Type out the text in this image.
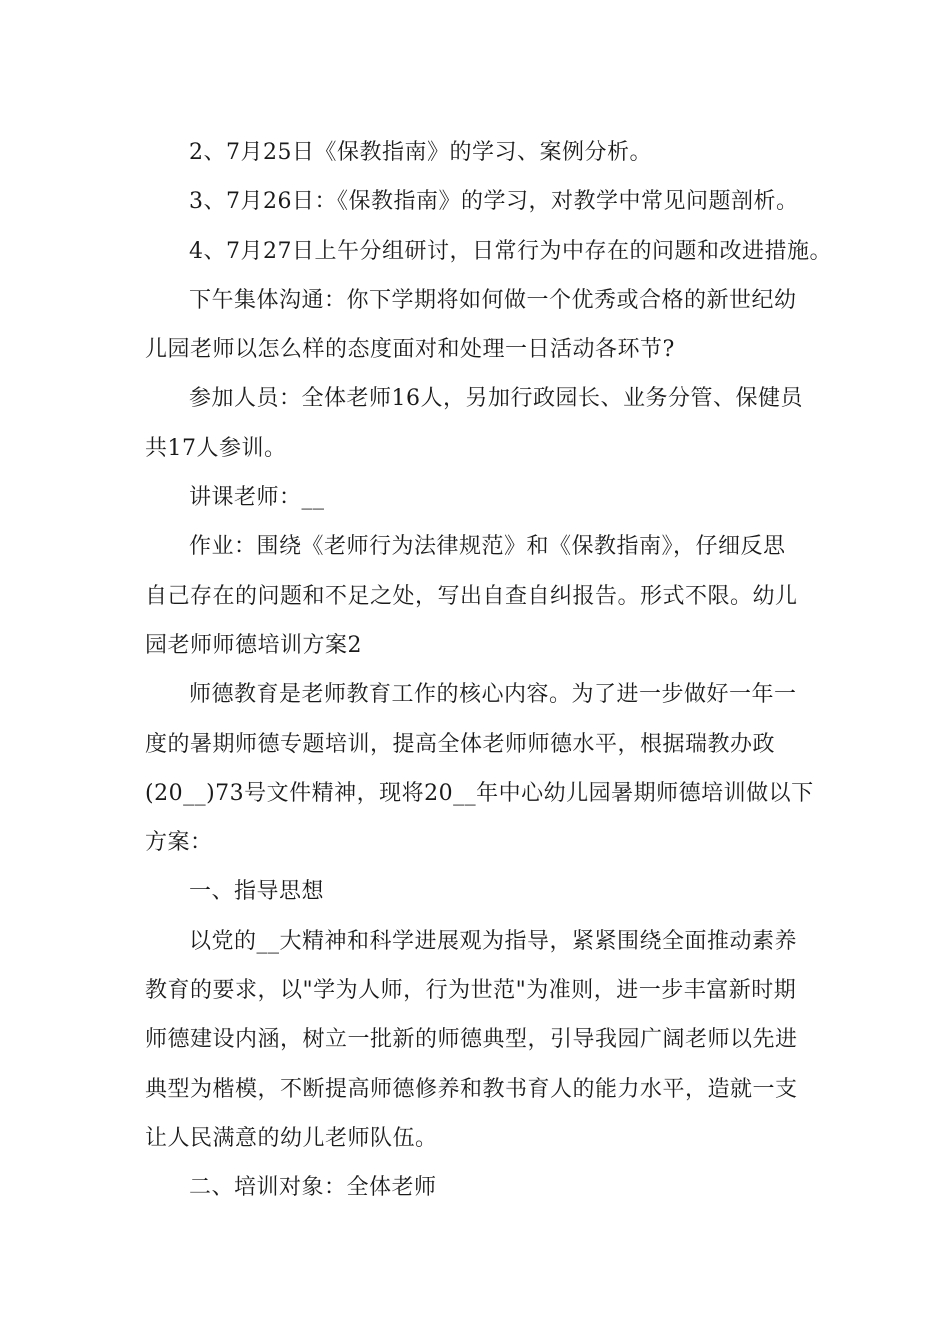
2、7月25日《保教指南》的学习、案例分析。
3、7月26日：《保教指南》的学习，对教学中常见问题剖析。
4、7月27日上午分组研讨，日常行为中存在的问题和改进措施。
下午集体沟通：你下学期将如何做一个优秀或合格的新世纪幼
儿园老师以怎么样的态度面对和处理一日活动各环节?
参加人员：全体老师16人，另加行政园长、业务分管、保健员
共17人参训。
讲课老师：__
作业：围绕《老师行为法律规范》和《保教指南》，仔细反思
自己存在的问题和不足之处，写出自查自纠报告。形式不限。幼儿
园老师师德培训方案2
师德教育是老师教育工作的核心内容。为了进一步做好一年一
度的暑期师德专题培训，提高全体老师师德水平，根据瑞教办政
(20__)73号文件精神，现将20__年中心幼儿园暑期师德培训做以下
方案：
一、指导思想
以党的__大精神和科学进展观为指导，紧紧围绕全面推动素养
教育的要求，以"学为人师，行为世范"为准则，进一步丰富新时期
师德建设内涵，树立一批新的师德典型，引导我园广阔老师以先进
典型为楷模，不断提高师德修养和教书育人的能力水平，造就一支
让人民满意的幼儿老师队伍。
二、培训对象：全体老师
